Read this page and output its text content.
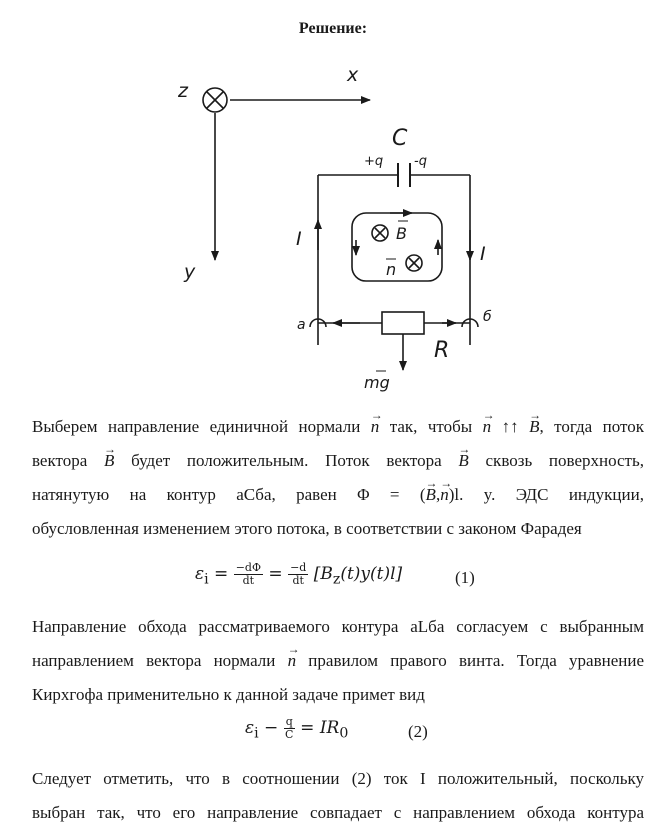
Решение:
z
x
y
C
+q -q
I
I
B
n
a	б
R
mg
Выберем направление единичной нормали → n так, чтобы → n ↑↑ → B, тогда поток
вектора → B будет положительным. Поток вектора → B сквозь поверхность,
натянутую на контур аСба, равен Φ = (→ B,→ n)l. y. ЭДС индукции,
обусловленная изменением этого потока, в соответствии с законом Фарадея
$\varepsilon_i = \frac{-d\Phi}{dt} = \frac{-d}{dt} [B_z(t)y(t)l]$	(1)
Направление обхода рассматриваемого контура аLба согласуем с выбранным
направлением вектора нормали → n правилом правого винта. Тогда уравнение
Кирхгофа применительно к данной задаче примет вид
$\varepsilon_i - \frac{q}{C} = IR_0$	(2)
Следует отметить, что в соотношении (2) ток I положительный, поскольку
выбран так, что его направление совпадает с направлением обхода контура
